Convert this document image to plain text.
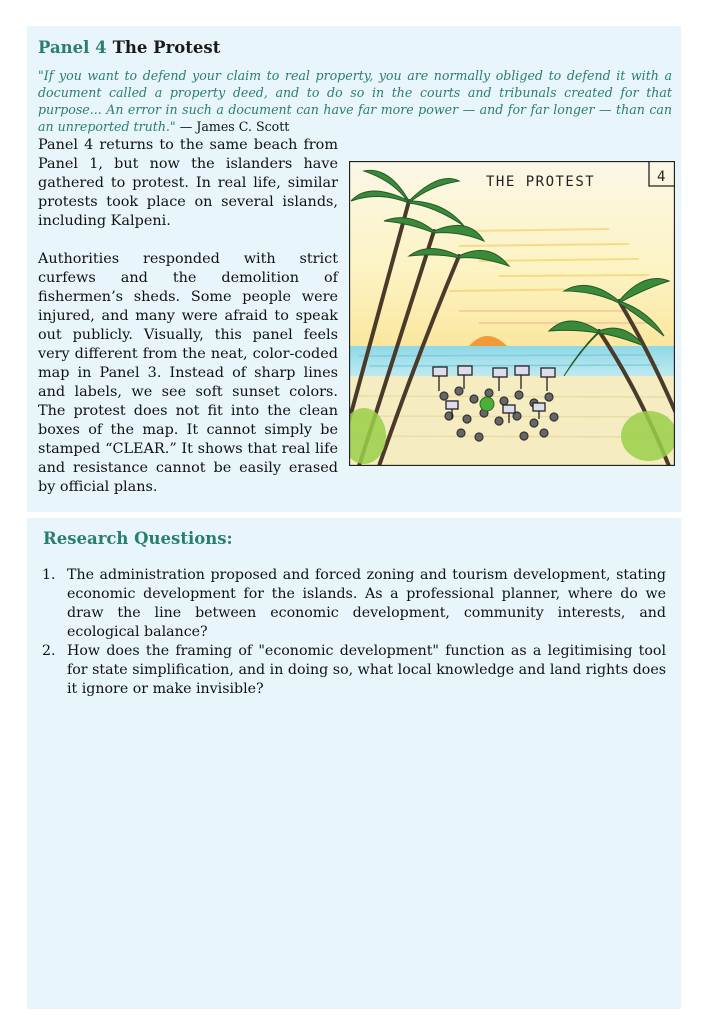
Panel 4 The Protest
"If you want to defend your claim to real property, you are normally obliged to defend it with a document called a property deed, and to do so in the courts and tribunals created for that purpose... An error in such a document can have far more power — and for far longer — than can an unreported truth." — James C. Scott

Panel 4 returns to the same beach from Panel 1, but now the islanders have gathered to protest. In real life, similar protests took place on several islands, including Kalpeni.

Authorities responded with strict curfews and the demolition of fishermen’s sheds. Some people were injured, and many were afraid to speak out publicly. Visually, this panel feels very different from the neat, color-coded map in Panel 3. Instead of sharp lines and labels, we see soft sunset colors. The protest does not fit into the clean boxes of the map. It cannot simply be stamped “CLEAR.” It shows that real life and resistance cannot be easily erased by official plans.

THE PROTEST	4
Research Questions:
1. The administration proposed and forced zoning and tourism development, stating economic development for the islands. As a professional planner, where do we draw the line between economic development, community interests, and ecological balance?
2. How does the framing of "economic development" function as a legitimising tool for state simplification, and in doing so, what local knowledge and land rights does it ignore or make invisible?
